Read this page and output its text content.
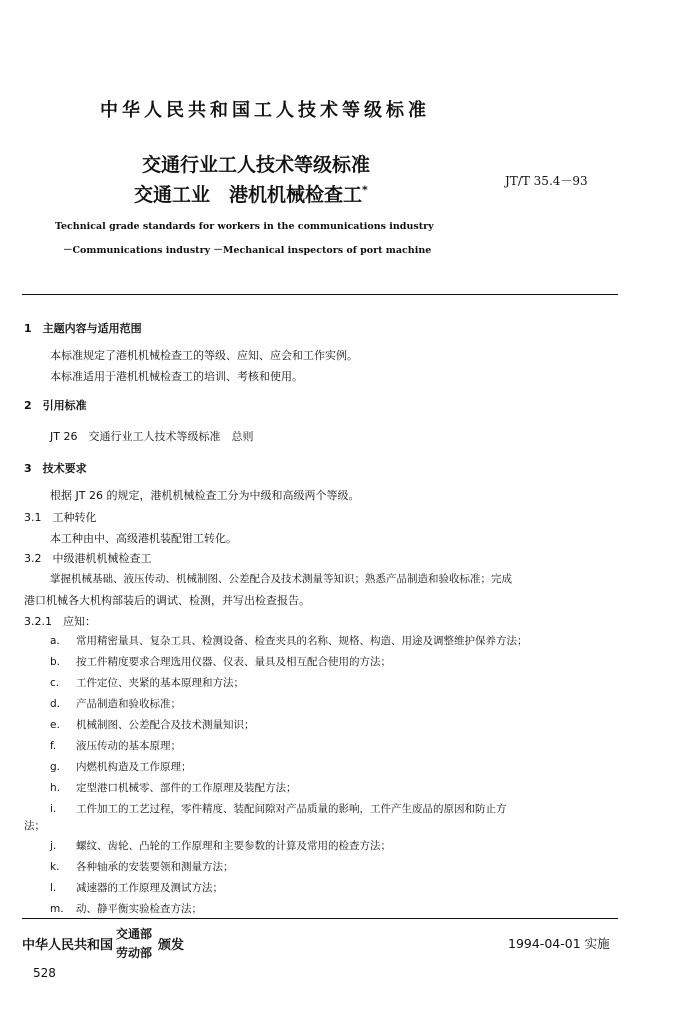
中华人民共和国工人技术等级标准
交通行业工人技术等级标准
交通工业　港机机械检查工*
JT/T 35.4－93
Technical grade standards for workers in the communications industry
－Communications industry －Mechanical inspectors of port machine
1　主题内容与适用范围
本标准规定了港机机械检查工的等级、应知、应会和工作实例。
本标准适用于港机机械检查工的培训、考核和使用。
2　引用标准
JT 26　交通行业工人技术等级标准　总则
3　技术要求
根据 JT 26 的规定，港机机械检查工分为中级和高级两个等级。
3.1　工种转化
本工种由中、高级港机装配钳工转化。
3.2　中级港机机械检查工
掌握机械基础、液压传动、机械制图、公差配合及技术测量等知识；熟悉产品制造和验收标准；完成
港口机械各大机构部装后的调试、检测，并写出检查报告。
3.2.1　应知：
a. 常用精密量具、复杂工具、检测设备、检查夹具的名称、规格、构造、用途及调整维护保养方法；
b. 按工件精度要求合理选用仪器、仪表、量具及相互配合使用的方法；
c. 工件定位、夹紧的基本原理和方法；
d. 产品制造和验收标准；
e. 机械制图、公差配合及技术测量知识；
f. 液压传动的基本原理；
g. 内燃机构造及工作原理；
h. 定型港口机械零、部件的工作原理及装配方法；
i. 工件加工的工艺过程，零件精度、装配间隙对产品质量的影响，工件产生废品的原因和防止方
法；
j. 螺纹、齿轮、凸轮的工作原理和主要参数的计算及常用的检查方法；
k. 各种轴承的安装要领和测量方法；
l. 减速器的工作原理及测试方法；
m. 动、静平衡实验检查方法；
中华人民共和国
交通部
劳动部 颁发	1994-04-01 实施
528
